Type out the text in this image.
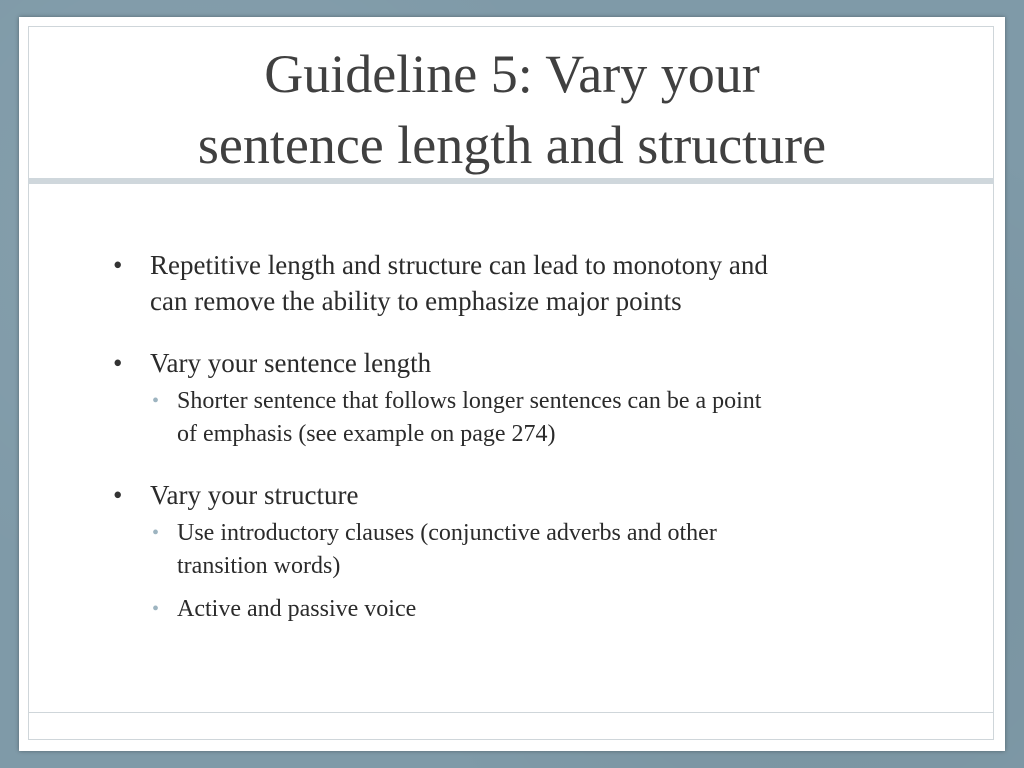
Guideline 5: Vary your
sentence length and structure
• Repetitive length and structure can lead to monotony and
can remove the ability to emphasize major points
• Vary your sentence length
• Shorter sentence that follows longer sentences can be a point
of emphasis (see example on page 274)
• Vary your structure
• Use introductory clauses (conjunctive adverbs and other
transition words)
• Active and passive voice
